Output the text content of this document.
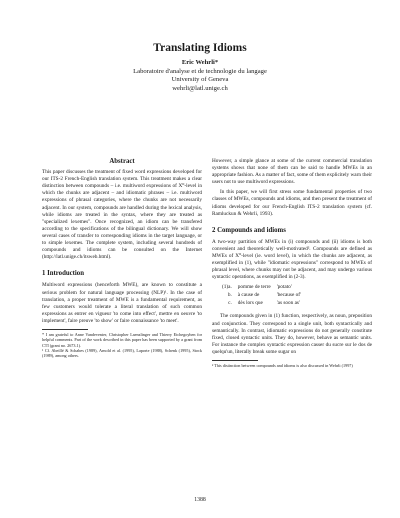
Translating Idioms
Eric Wehrli*
Laboratoire d'analyse et de technologie du langage
University of Geneva
wehrli@latl.unige.ch
Abstract

This paper discusses the treatment of fixed word expressions developed for our ITS-2 French-English translation system. This treatment makes a clear distinction between compounds – i.e. multiword expressions of X⁰-level in which the chunks are adjacent – and idiomatic phrases – i.e. multiword expressions of phrasal categories, where the chunks are not necessarily adjacent. In our system, compounds are handled during the lexical analysis, while idioms are treated in the syntax, where they are treated as "specialized lexemes". Once recognized, an idiom can be transfered according to the specifications of the bilingual dictionary. We will show several cases of transfer to corresponding idioms in the target language, or to simple lexemes. The complete system, including several hundreds of compounds and idioms can be consulted on the Internet (http://latl.unige.ch/itsweb.html).

1 Introduction

Multiword expressions (henceforth MWE), are known to constitute a serious problem for natural language processing (NLP)¹. In the case of translation, a proper treatment of MWE is a fundamental requirement, as few customers would tolerate a literal translation of such common expressions as entrer en vigueur 'to come into effect', mettre en oeuvre 'to implement', faire preuve 'to show' or faire connaissance 'to meet'.

* I am grateful to Anne Vandeventer, Christopher Laenzlinger and Thierry Etchegoyhen for helpful comments. Part of the work described in this paper has been supported by a grant from CTI (grant no. 2673.1).

¹ Cf. Abeillé & Schabes (1989), Arnold et al. (1995), Laporte (1988), Schenk (1995), Stock (1989), among others.

However, a simple glance at some of the current commercial translation systems shows that none of them can be said to handle MWEs in an appropriate fashion. As a matter of fact, some of them explicitely warn their users not to use multiword expressions.

In this paper, we will first stress some fundamental properties of two classes of MWEs, compounds and idioms, and then present the treatment of idioms developed for our French-English ITS-2 translation system (cf. Ramluckun & Wehrli, 1993).

2 Compounds and idioms

A two-way partition of MWEs in (i) compounds and (ii) idioms is both convenient and theoretically well-motivated². Compounds are defined as MWEs of X⁰-level (ie. word level), in which the chunks are adjacent, as exemplified in (1), while "idiomatic expressions" correspond to MWEs of phrasal level, where chunks may not be adjacent, and may undergo various syntactic operations, as exemplified in (2-3).

(1)a.	pomme de terre	'potato'
b.	à cause de	'because of'
c.	dès lors que	'as soon as'

The compounds given in (1) function, respectively, as noun, preposition and conjunction. They correspond to a single unit, both syntactically and semantically. In contrast, idiomatic expressions do not generally constitute fixed, closed syntactic units. They do, however, behave as semantic units. For instance the complex syntactic expression casser du sucre sur le dos de quelqu'un, literally break some sugar on

² This distinction between compounds and idioms is also discussed in Wehrli (1997)

1388
